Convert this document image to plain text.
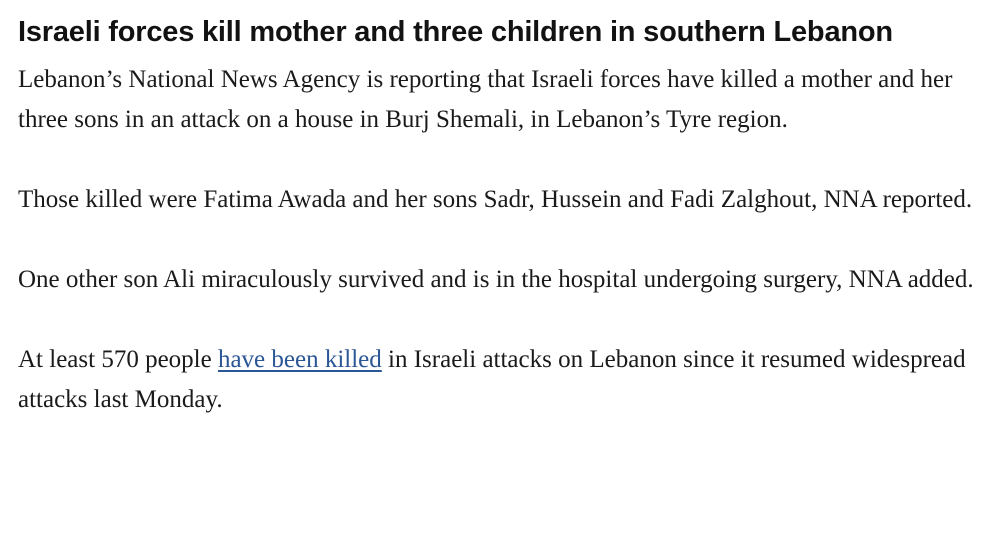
Israeli forces kill mother and three children in southern Lebanon

Lebanon’s National News Agency is reporting that Israeli forces have killed a mother and her three sons in an attack on a house in Burj Shemali, in Lebanon’s Tyre region.

Those killed were Fatima Awada and her sons Sadr, Hussein and Fadi Zalghout, NNA reported.

One other son Ali miraculously survived and is in the hospital undergoing surgery, NNA added.

At least 570 people have been killed in Israeli attacks on Lebanon since it resumed widespread attacks last Monday.
